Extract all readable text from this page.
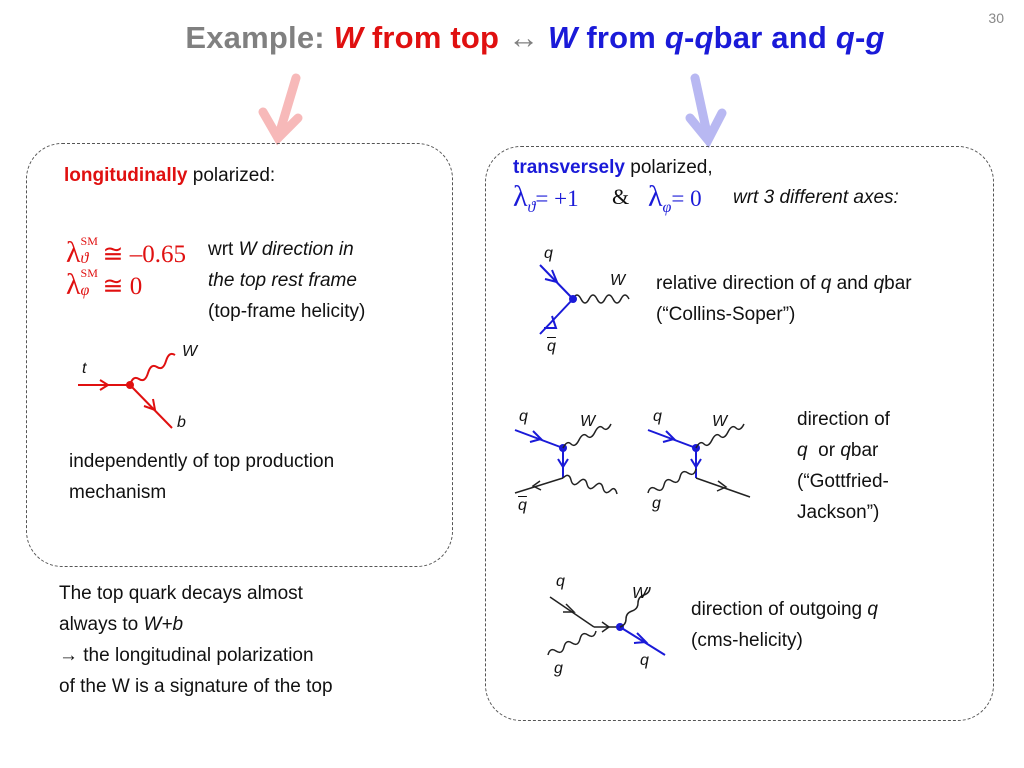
30
Example: W from top ↔ W from q-qbar and q-g
longitudinally polarized:
λ SM
ϑ ≅ –0.65
λ SM
φ ≅ 0
wrt W direction in
the top rest frame
(top-frame helicity)
t
W
b
independently of top production
mechanism
The top quark decays almost
always to W+b
→ the longitudinal polarization
of the W is a signature of the top
transversely polarized,
$\lambda_ϑ= +1$ & $\lambda_\varphi= 0$ wrt 3 different axes:
q
W
$\overline{q}$
relative direction of q and qbar
(“Collins-Soper”)
q	W
$\overline{q}$
q	W
g
direction of
q  or qbar
(“Gottfried-
Jackson”)
q
W
g	q
direction of outgoing q
(cms-helicity)
